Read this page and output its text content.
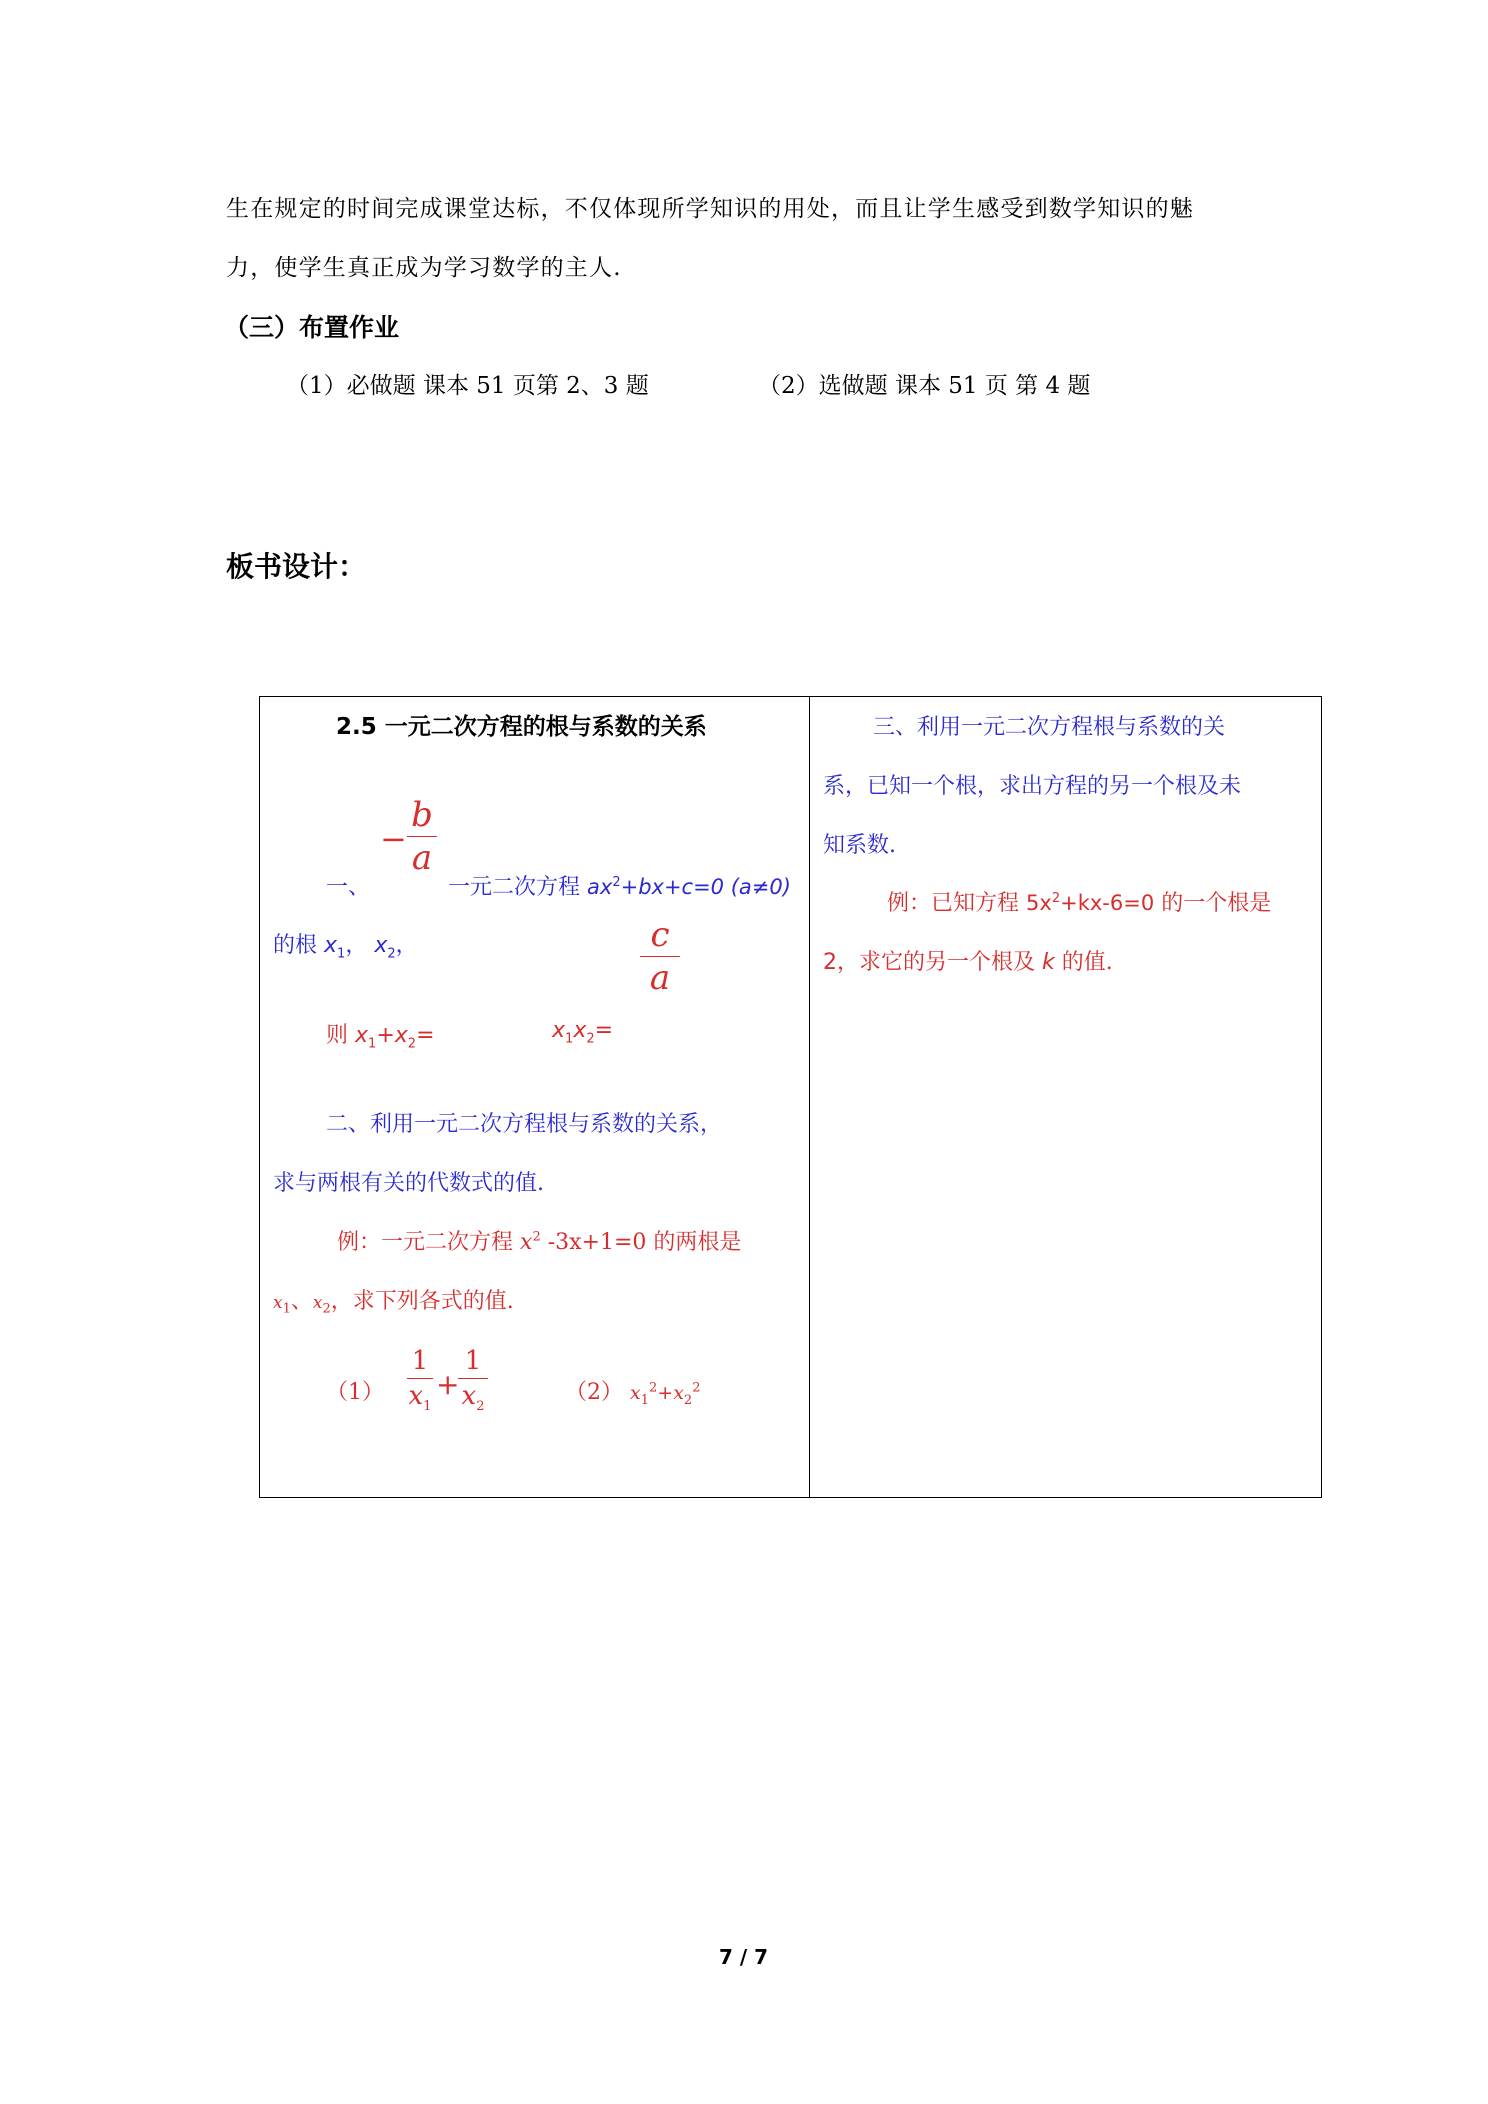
生在规定的时间完成课堂达标，不仅体现所学知识的用处，而且让学生感受到数学知识的魅
力，使学生真正成为学习数学的主人.
（三）布置作业
（1）必做题 课本 51 页第 2、3 题	（2）选做题 课本 51 页 第 4 题
板书设计：
2.5 一元二次方程的根与系数的关系
−
b
a
一、	一元二次方程 $ax^2+bx+c=0$ (a≠0)
c
a
的根 $x_1$， $x_2$，
则 $x_1+x_2=$	$x_1x_2=$
二、利用一元二次方程根与系数的关系，
求与两根有关的代数式的值.
例：一元二次方程 $x^2$ -3x+1=0 的两根是
$x_1$、$x_2$，求下列各式的值.
（1）
1
$x_1$
+
1
$x_2$
（2） $x_1^2+x_2^2$
三、利用一元二次方程根与系数的关
系，已知一个根，求出方程的另一个根及未
知系数.
例：已知方程 $5x^2+kx-6=0$ 的一个根是
2，求它的另一个根及 k 的值.
7 / 7
